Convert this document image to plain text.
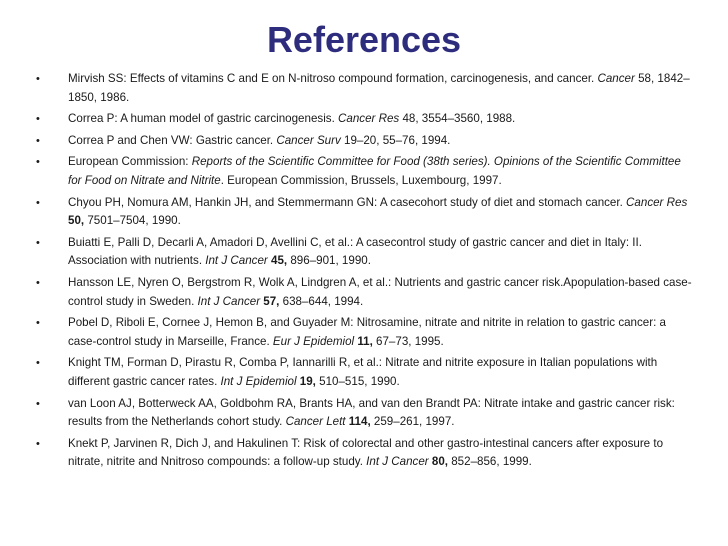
References
• Mirvish SS: Effects of vitamins C and E on N-nitroso compound formation, carcinogenesis, and cancer. Cancer 58, 1842–1850, 1986.
• Correa P: A human model of gastric carcinogenesis. Cancer Res 48, 3554–3560, 1988.
• Correa P and Chen VW: Gastric cancer. Cancer Surv 19–20, 55–76, 1994.
• European Commission: Reports of the Scientific Committee for Food (38th series). Opinions of the Scientific Committee for Food on Nitrate and Nitrite. European Commission, Brussels, Luxembourg, 1997.
• Chyou PH, Nomura AM, Hankin JH, and Stemmermann GN: A casecohort study of diet and stomach cancer. Cancer Res 50, 7501–7504, 1990.
• Buiatti E, Palli D, Decarli A, Amadori D, Avellini C, et al.: A casecontrol study of gastric cancer and diet in Italy: II. Association with nutrients. Int J Cancer 45, 896–901, 1990.
• Hansson LE, Nyren O, Bergstrom R, Wolk A, Lindgren A, et al.: Nutrients and gastric cancer risk.Apopulation-based case-control study in Sweden. Int J Cancer 57, 638–644, 1994.
• Pobel D, Riboli E, Cornee J, Hemon B, and Guyader M: Nitrosamine, nitrate and nitrite in relation to gastric cancer: a case-control study in Marseille, France. Eur J Epidemiol 11, 67–73, 1995.
• Knight TM, Forman D, Pirastu R, Comba P, Iannarilli R, et al.: Nitrate and nitrite exposure in Italian populations with different gastric cancer rates. Int J Epidemiol 19, 510–515, 1990.
• van Loon AJ, Botterweck AA, Goldbohm RA, Brants HA, and van den Brandt PA: Nitrate intake and gastric cancer risk: results from the Netherlands cohort study. Cancer Lett 114, 259–261, 1997.
• Knekt P, Jarvinen R, Dich J, and Hakulinen T: Risk of colorectal and other gastro-intestinal cancers after exposure to nitrate, nitrite and Nnitroso compounds: a follow-up study. Int J Cancer 80, 852–856, 1999.
